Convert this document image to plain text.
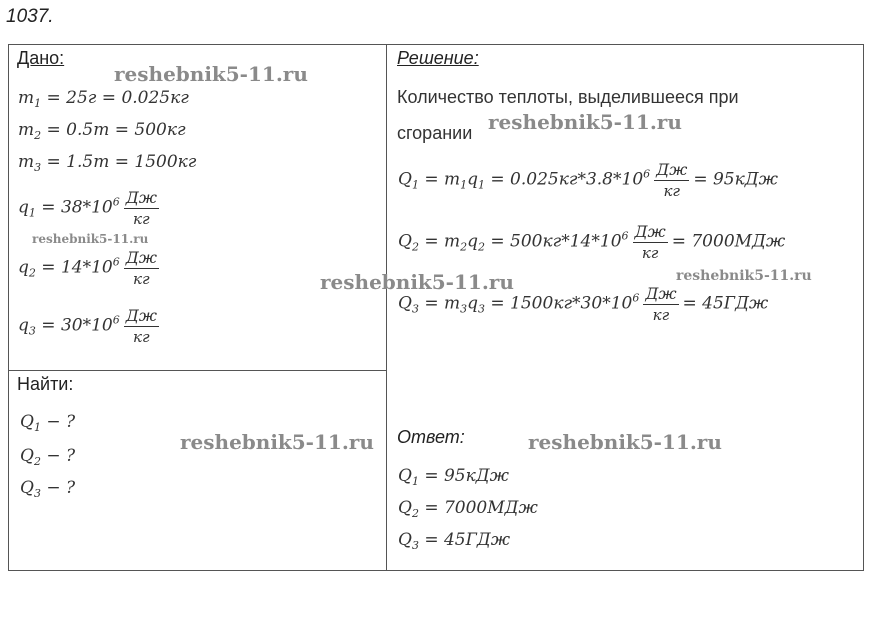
1037.
Дано:
$m_1 = 25г = 0.025кг$
$m_2 = 0.5т = 500кг$
$m_3 = 1.5т = 1500кг$
$q_1 = 38*10^6 \frac{Дж}{кг}$
$q_2 = 14*10^6 \frac{Дж}{кг}$
$q_3 = 30*10^6 \frac{Дж}{кг}$
Найти:
$Q_1$ − ?
$Q_2$ − ?
$Q_3$ − ?
Решение:
Количество теплоты, выделившееся при
сгорании
$Q_1 = m_1q_1 = 0.025кг*3.8*10^6 \frac{Дж}{кг} = 95кДж$
$Q_2 = m_2q_2 = 500кг*14*10^6 \frac{Дж}{кг} = 7000МДж$
$Q_3 = m_3q_3 = 1500кг*30*10^6 \frac{Дж}{кг} = 45ГДж$
Ответ:
$Q_1 = 95кДж$
$Q_2 = 7000МДж$
$Q_3 = 45ГДж$
reshebnik5-11.ru
reshebnik5-11.ru
reshebnik5-11.ru
reshebnik5-11.ru	reshebnik5-11.ru
reshebnik5-11.ru	reshebnik5-11.ru
